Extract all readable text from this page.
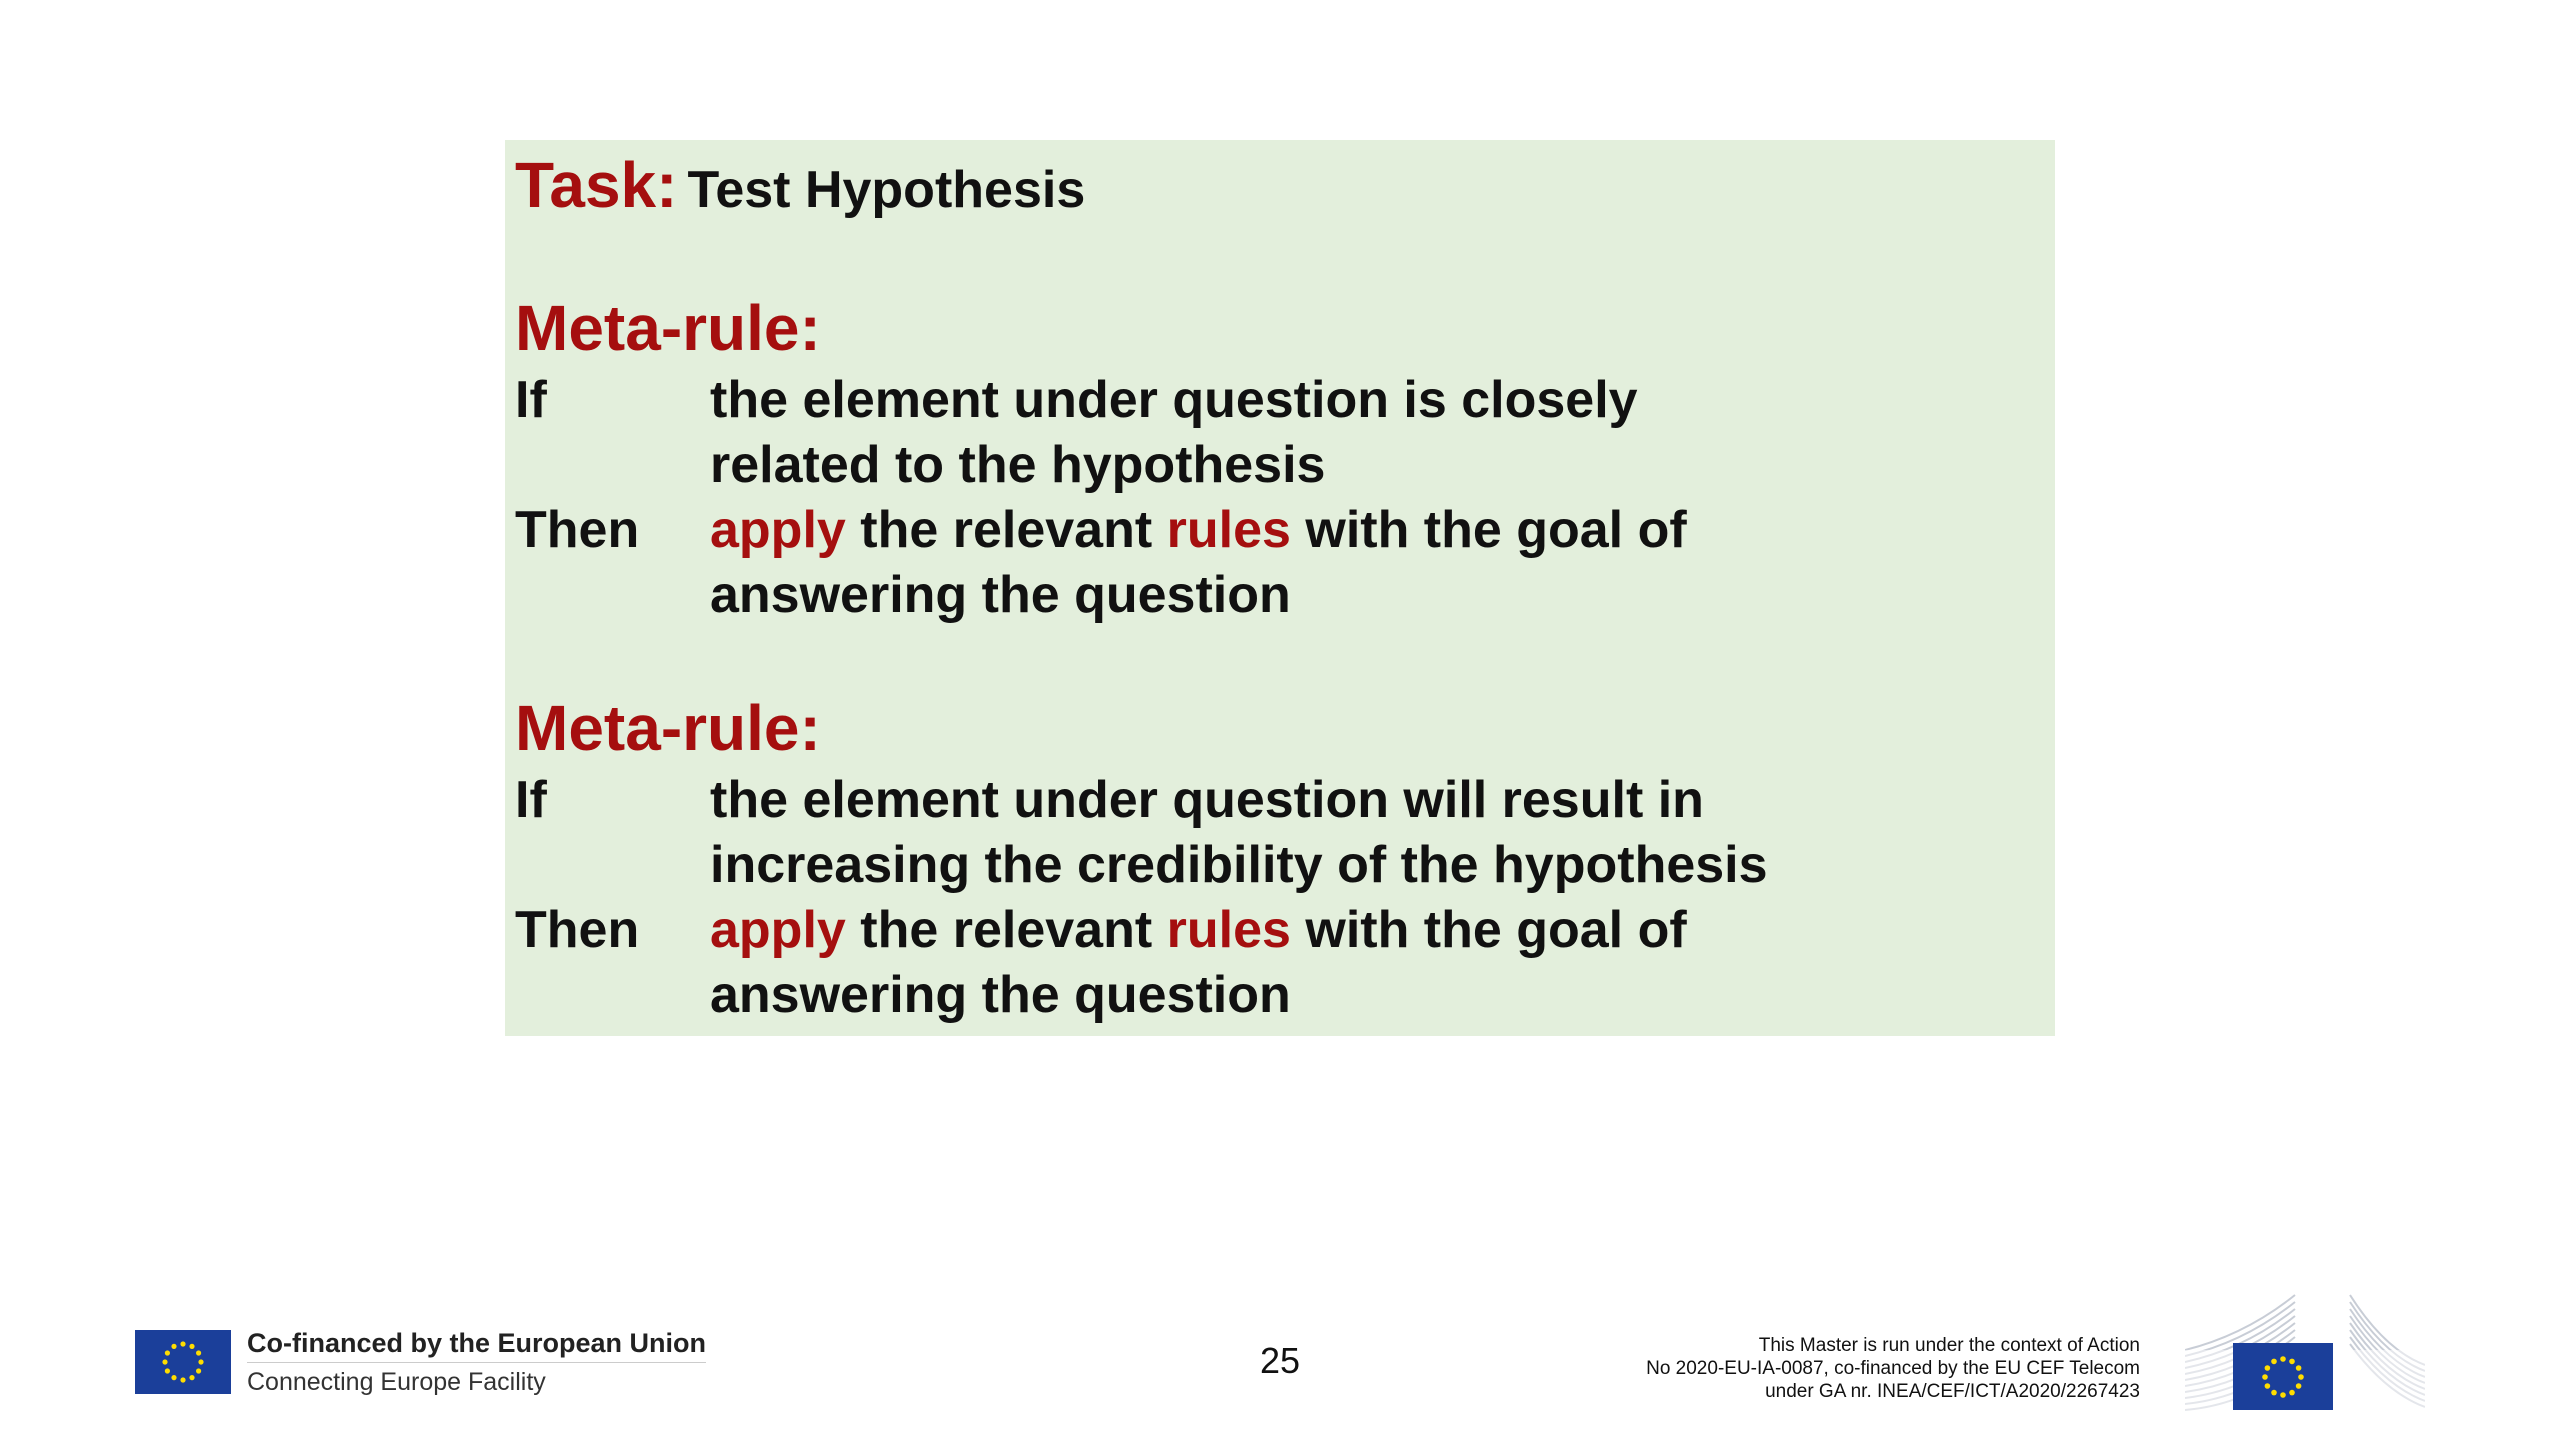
Task: Test Hypothesis
Meta-rule:
If	the element under question is closely
related to the hypothesis
Then	apply the relevant rules with the goal of
answering the question
Meta-rule:
If	the element under question will result in
increasing the credibility of the hypothesis
Then	apply the relevant rules with the goal of
answering the question
Co-financed by the European Union
Connecting Europe Facility
25	This Master is run under the context of Action
No 2020-EU-IA-0087, co-financed by the EU CEF Telecom
under GA nr. INEA/CEF/ICT/A2020/2267423
